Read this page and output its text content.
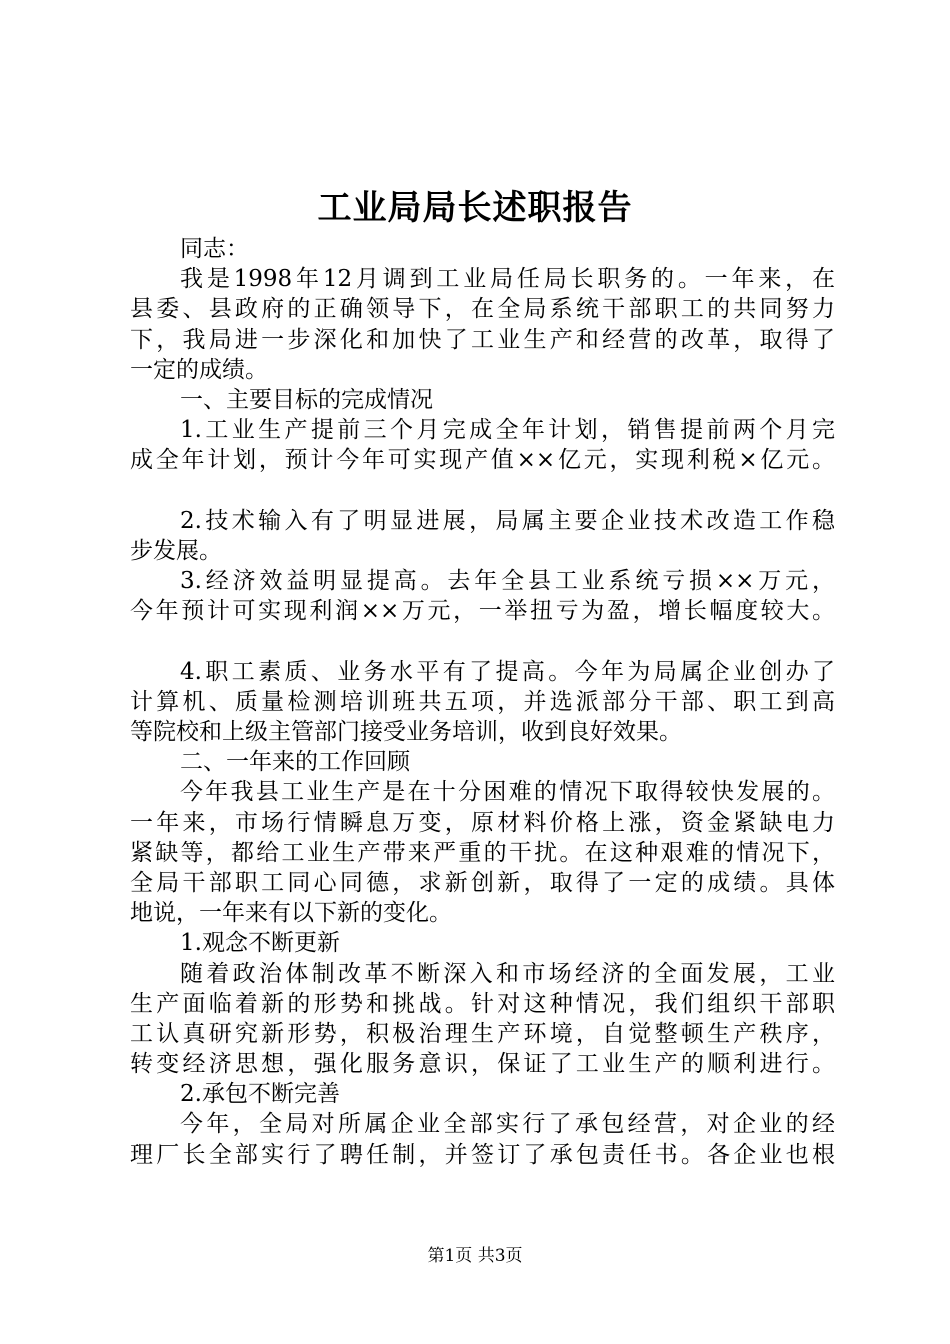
工业局局长述职报告
同志：
我是1998年12月调到工业局任局长职务的。一年来，在
县委、县政府的正确领导下，在全局系统干部职工的共同努力
下，我局进一步深化和加快了工业生产和经营的改革，取得了
一定的成绩。
一、主要目标的完成情况
1.工业生产提前三个月完成全年计划，销售提前两个月完
成全年计划，预计今年可实现产值××亿元，实现利税×亿元。
2.技术输入有了明显进展，局属主要企业技术改造工作稳
步发展。
3.经济效益明显提高。去年全县工业系统亏损××万元，
今年预计可实现利润××万元，一举扭亏为盈，增长幅度较大。
4.职工素质、业务水平有了提高。今年为局属企业创办了
计算机、质量检测培训班共五项，并选派部分干部、职工到高
等院校和上级主管部门接受业务培训，收到良好效果。
二、一年来的工作回顾
今年我县工业生产是在十分困难的情况下取得较快发展的。
一年来，市场行情瞬息万变，原材料价格上涨，资金紧缺电力
紧缺等，都给工业生产带来严重的干扰。在这种艰难的情况下，
全局干部职工同心同德，求新创新，取得了一定的成绩。具体
地说，一年来有以下新的变化。
1.观念不断更新
随着政治体制改革不断深入和市场经济的全面发展，工业
生产面临着新的形势和挑战。针对这种情况，我们组织干部职
工认真研究新形势，积极治理生产环境，自觉整顿生产秩序，
转变经济思想，强化服务意识，保证了工业生产的顺利进行。
2.承包不断完善
今年，全局对所属企业全部实行了承包经营，对企业的经
理厂长全部实行了聘任制，并签订了承包责任书。各企业也根
第1页 共3页
